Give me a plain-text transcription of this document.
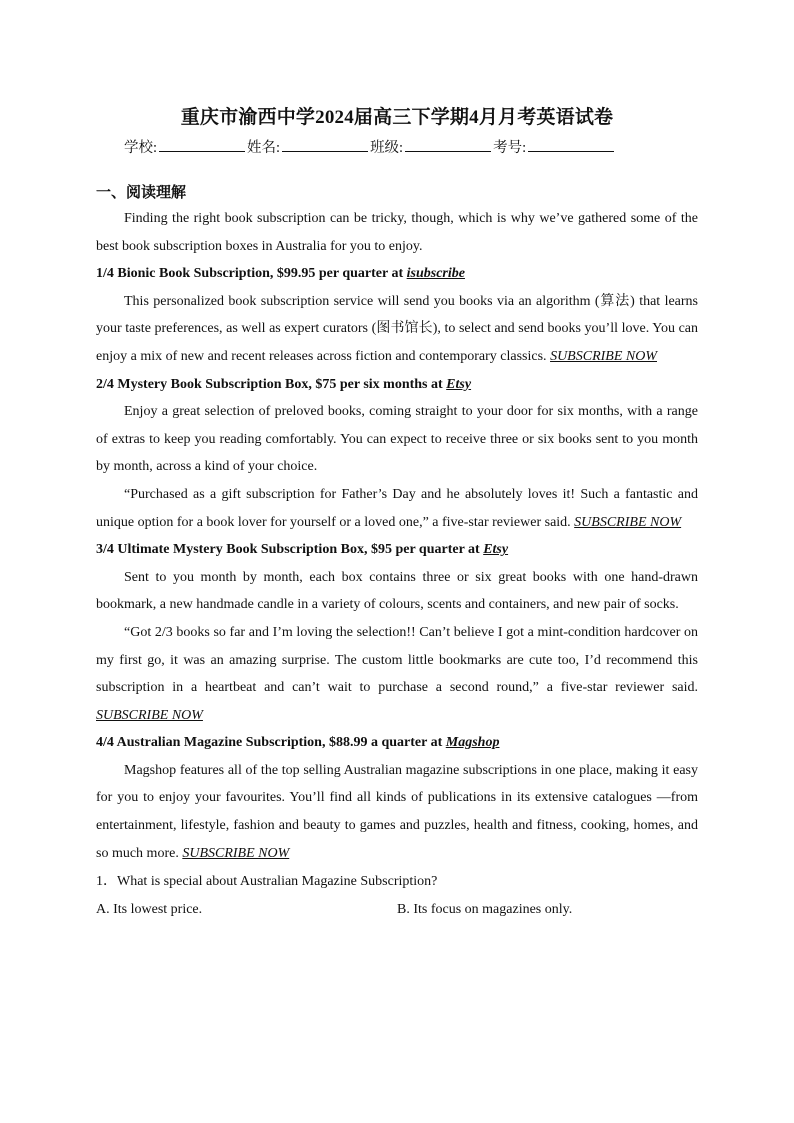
重庆市渝西中学2024届高三下学期4月月考英语试卷
学校:	姓名:	班级:	考号:
一、阅读理解

Finding the right book subscription can be tricky, though, which is why we’ve gathered some of the best book subscription boxes in Australia for you to enjoy.

1/4 Bionic Book Subscription, $99.95 per quarter at isubscribe

This personalized book subscription service will send you books via an algorithm (算法) that learns your taste preferences, as well as expert curators (图书馆长), to select and send books you’ll love. You can enjoy a mix of new and recent releases across fiction and contemporary classics. SUBSCRIBE NOW

2/4 Mystery Book Subscription Box, $75 per six months at Etsy

Enjoy a great selection of preloved books, coming straight to your door for six months, with a range of extras to keep you reading comfortably. You can expect to receive three or six books sent to you month by month, across a kind of your choice.

“Purchased as a gift subscription for Father’s Day and he absolutely loves it! Such a fantastic and unique option for a book lover for yourself or a loved one,” a five-star reviewer said. SUBSCRIBE NOW

3/4 Ultimate Mystery Book Subscription Box, $95 per quarter at Etsy

Sent to you month by month, each box contains three or six great books with one hand-drawn bookmark, a new handmade candle in a variety of colours, scents and containers, and new pair of socks.

“Got 2/3 books so far and I’m loving the selection!! Can’t believe I got a mint-condition hardcover on my first go, it was an amazing surprise. The custom little bookmarks are cute too, I’d recommend this subscription in a heartbeat and can’t wait to purchase a second round,” a five-star reviewer said. SUBSCRIBE NOW

4/4 Australian Magazine Subscription, $88.99 a quarter at Magshop

Magshop features all of the top selling Australian magazine subscriptions in one place, making it easy for you to enjoy your favourites. You’ll find all kinds of publications in its extensive catalogues —from entertainment, lifestyle, fashion and beauty to games and puzzles, health and fitness, cooking, homes, and so much more. SUBSCRIBE NOW

1．What is special about Australian Magazine Subscription?
A. Its lowest price.	B. Its focus on magazines only.
